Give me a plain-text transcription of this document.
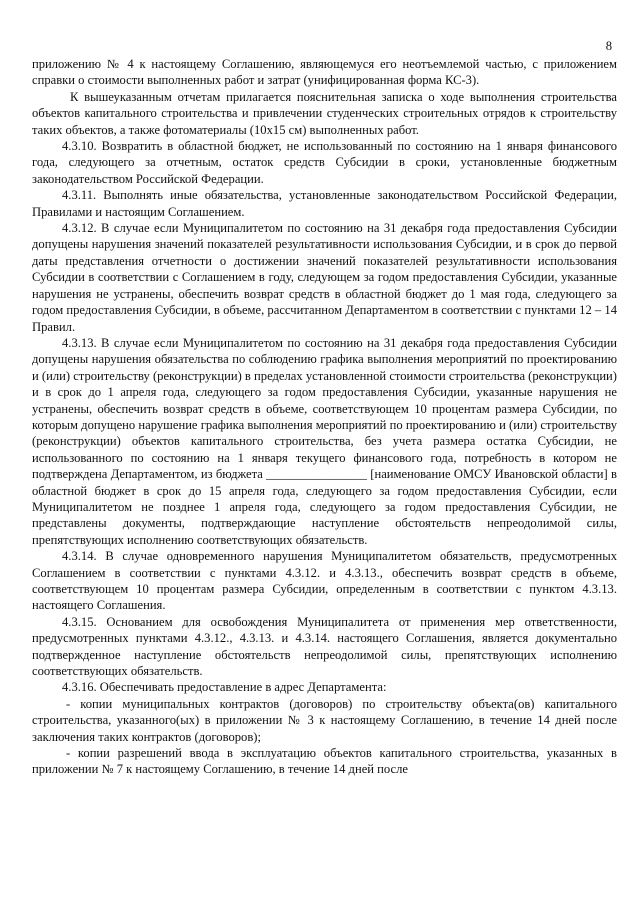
8

приложению № 4 к настоящему Соглашению, являющемуся его неотъемлемой частью, с приложением справки о стоимости выполненных работ и затрат (унифицированная форма КС-3).

К вышеуказанным отчетам прилагается пояснительная записка о ходе выполнения строительства объектов капитального строительства и привлечении студенческих строительных отрядов к строительству таких объектов, а также фотоматериалы (10х15 см) выполненных работ.

4.3.10. Возвратить в областной бюджет, не использованный по состоянию на 1 января финансового года, следующего за отчетным, остаток средств Субсидии в сроки, установленные бюджетным законодательством Российской Федерации.

4.3.11. Выполнять иные обязательства, установленные законодательством Российской Федерации, Правилами и настоящим Соглашением.

4.3.12. В случае если Муниципалитетом по состоянию на 31 декабря года предоставления Субсидии допущены нарушения значений показателей результативности использования Субсидии, и в срок до первой даты представления отчетности о достижении значений показателей результативности использования Субсидии в соответствии с Соглашением в году, следующем за годом предоставления Субсидии, указанные нарушения не устранены, обеспечить возврат средств в областной бюджет до 1 мая года, следующего за годом предоставления Субсидии, в объеме, рассчитанном Департаментом в соответствии с пунктами 12 – 14 Правил.

4.3.13. В случае если Муниципалитетом по состоянию на 31 декабря года предоставления Субсидии допущены нарушения обязательства по соблюдению графика выполнения мероприятий по проектированию и (или) строительству (реконструкции) в пределах установленной стоимости строительства (реконструкции) и в срок до 1 апреля года, следующего за годом предоставления Субсидии, указанные нарушения не устранены, обеспечить возврат средств в объеме, соответствующем 10 процентам размера Субсидии, по которым допущено нарушение графика выполнения мероприятий по проектированию и (или) строительству (реконструкции) объектов капитального строительства, без учета размера остатка Субсидии, не использованного по состоянию на 1 января текущего финансового года, потребность в котором не подтверждена Департаментом, из бюджета ________________ [наименование ОМСУ Ивановской области] в областной бюджет в срок до 15 апреля года, следующего за годом предоставления Субсидии, если Муниципалитетом не позднее 1 апреля года, следующего за годом предоставления Субсидии, не представлены документы, подтверждающие наступление обстоятельств непреодолимой силы, препятствующих исполнению соответствующих обязательств.

4.3.14. В случае одновременного нарушения Муниципалитетом обязательств, предусмотренных Соглашением в соответствии с пунктами 4.3.12. и 4.3.13., обеспечить возврат средств в объеме, соответствующем 10 процентам размера Субсидии, определенным в соответствии с пунктом 4.3.13. настоящего Соглашения.

4.3.15. Основанием для освобождения Муниципалитета от применения мер ответственности, предусмотренных пунктами 4.3.12., 4.3.13. и 4.3.14. настоящего Соглашения, является документально подтвержденное наступление обстоятельств непреодолимой силы, препятствующих исполнению соответствующих обязательств.

4.3.16. Обеспечивать предоставление в адрес Департамента:

- копии муниципальных контрактов (договоров) по строительству объекта(ов) капитального строительства, указанного(ых) в приложении № 3 к настоящему Соглашению, в течение 14 дней после заключения таких контрактов (договоров);

- копии разрешений ввода в эксплуатацию объектов капитального строительства, указанных в приложении № 7 к настоящему Соглашению, в течение 14 дней после
